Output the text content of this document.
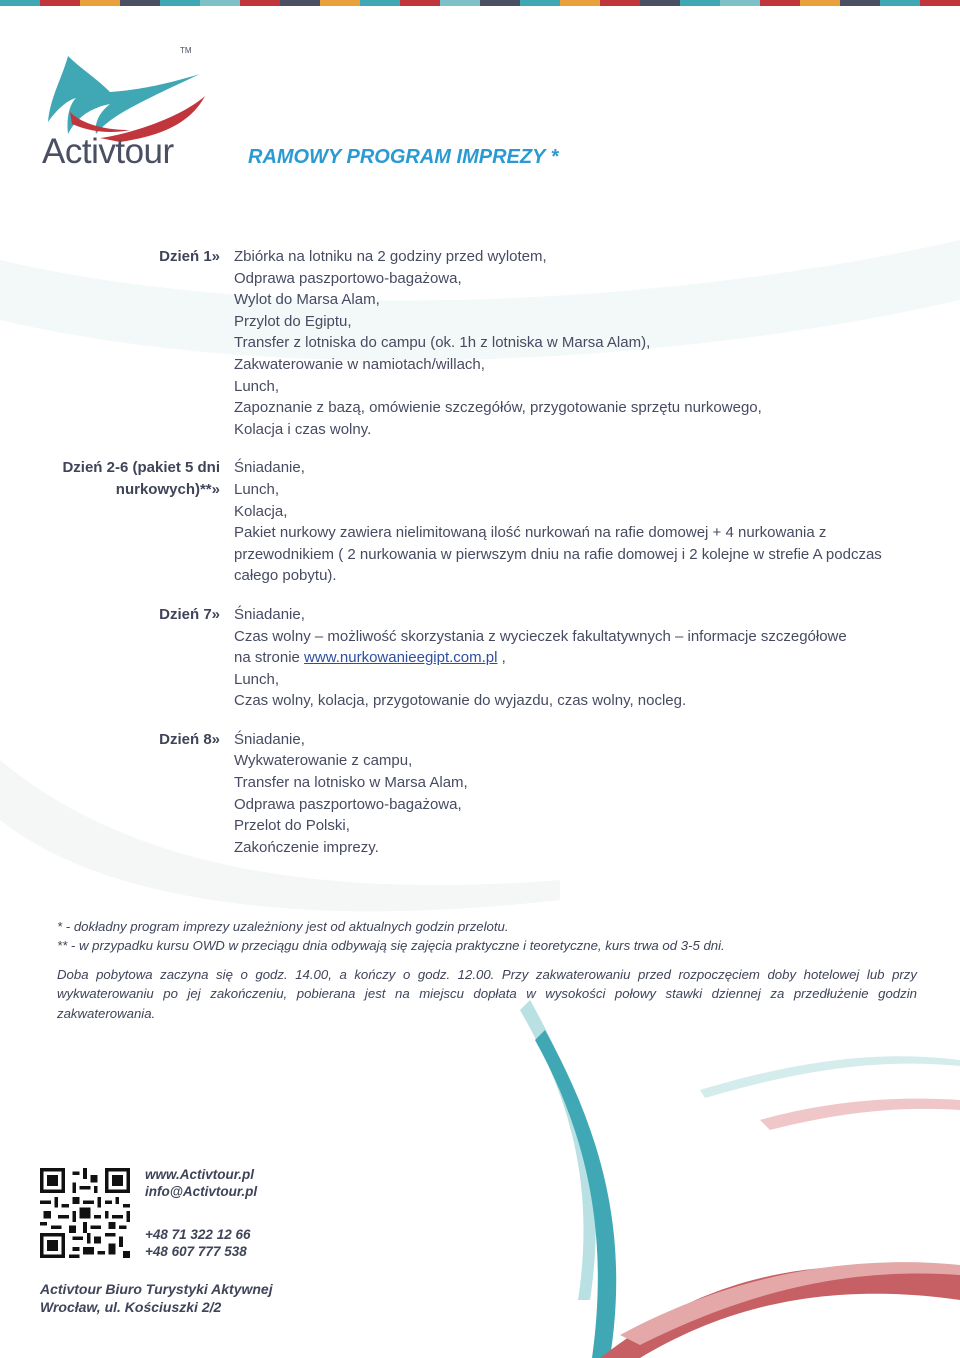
TM
Activtour	RAMOWY PROGRAM IMPREZY *
Dzień 1» Zbiórka na lotniku na 2 godziny przed wylotem,
Odprawa paszportowo-bagażowa,
Wylot do Marsa Alam,
Przylot do Egiptu,
Transfer z lotniska do campu (ok. 1h z lotniska w Marsa Alam),
Zakwaterowanie w namiotach/willach,
Lunch,
Zapoznanie z bazą, omówienie szczegółów, przygotowanie sprzętu nurkowego,
Kolacja i czas wolny.
Dzień 2-6 (pakiet 5 dni nurkowych)**»
Śniadanie,
Lunch,
Kolacja,
Pakiet nurkowy zawiera nielimitowaną ilość nurkowań na rafie domowej + 4 nurkowania z przewodnikiem ( 2 nurkowania w pierwszym dniu na rafie domowej i 2 kolejne w strefie A podczas całego pobytu).
Dzień 7» Śniadanie,
Czas wolny – możliwość skorzystania z wycieczek fakultatywnych – informacje szczegółowe
na stronie www.nurkowanieegipt.com.pl ,
Lunch,
Czas wolny, kolacja, przygotowanie do wyjazdu, czas wolny, nocleg.
Dzień 8» Śniadanie,
Wykwaterowanie z campu,
Transfer na lotnisko w Marsa Alam,
Odprawa paszportowo-bagażowa,
Przelot do Polski,
Zakończenie imprezy.

* - dokładny program imprezy uzależniony jest od aktualnych godzin przelotu.

** - w przypadku kursu OWD w przeciągu dnia odbywają się zajęcia praktyczne i teoretyczne, kurs trwa od 3-5 dni.

Doba pobytowa zaczyna się o godz. 14.00, a kończy o godz. 12.00. Przy zakwaterowaniu przed rozpoczęciem doby hotelowej lub przy wykwaterowaniu po jej zakończeniu, pobierana jest na miejscu dopłata w wysokości połowy stawki dziennej za przedłużenie godzin zakwaterowania.

www.Activtour.pl
info@Activtour.pl
+48 71 322 12 66
+48 607 777 538
Activtour Biuro Turystyki Aktywnej
Wrocław, ul. Kościuszki 2/2
